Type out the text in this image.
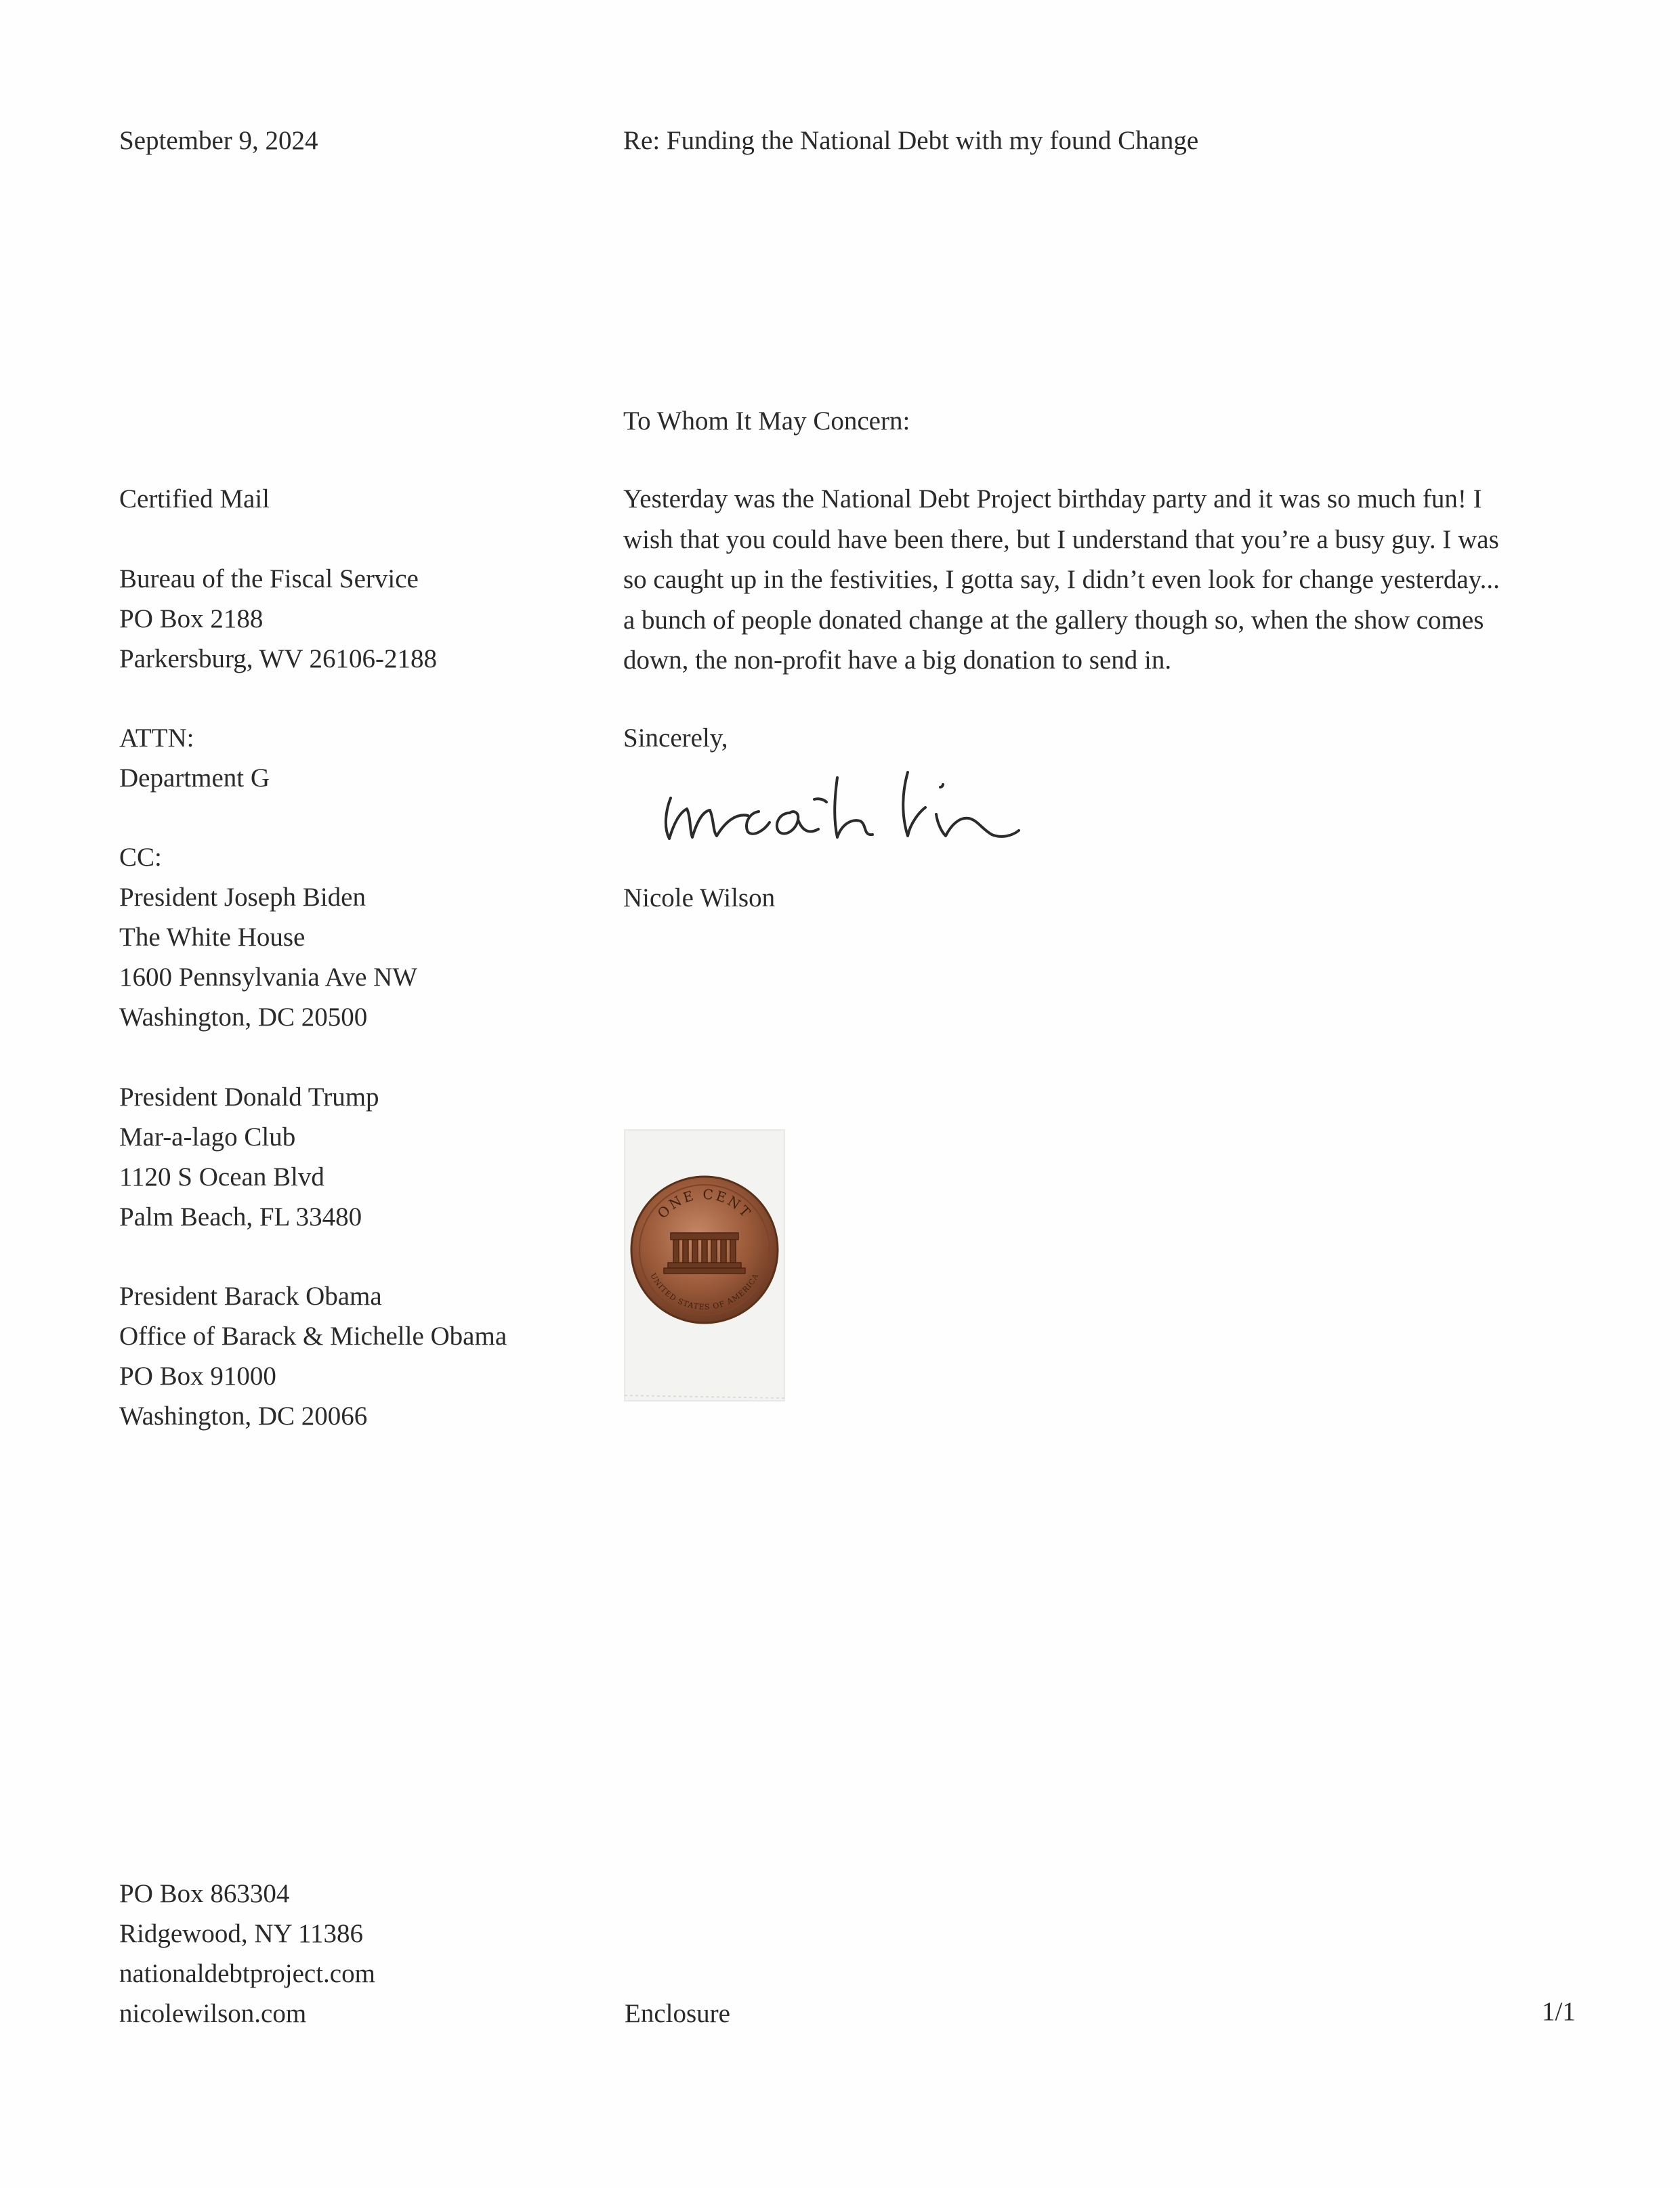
September 9, 2024	Re: Funding the National Debt with my found Change

To Whom It May Concern:

Certified Mail

Bureau of the Fiscal Service
PO Box 2188
Parkersburg, WV 26106-2188
ATTN:
Department G
CC:
President Joseph Biden
The White House
1600 Pennsylvania Ave NW
Washington, DC 20500
President Donald Trump
Mar-a-lago Club
1120 S Ocean Blvd
Palm Beach, FL 33480
President Barack Obama
Office of Barack & Michelle Obama
PO Box 91000
Washington, DC 20066
Yesterday was the National Debt Project birthday party and it was so much fun! I
wish that you could have been there, but I understand that you’re a busy guy. I was
so caught up in the festivities, I gotta say, I didn’t even look for change yesterday...
a bunch of people donated change at the gallery though so, when the show comes
down, the non-profit have a big donation to send in.

Sincerely,

Nicole Wilson

ONE CENT
UNITED STATES OF AMERICA
PO Box 863304
Ridgewood, NY 11386
nationaldebtproject.com
nicolewilson.com	Enclosure	1/1
